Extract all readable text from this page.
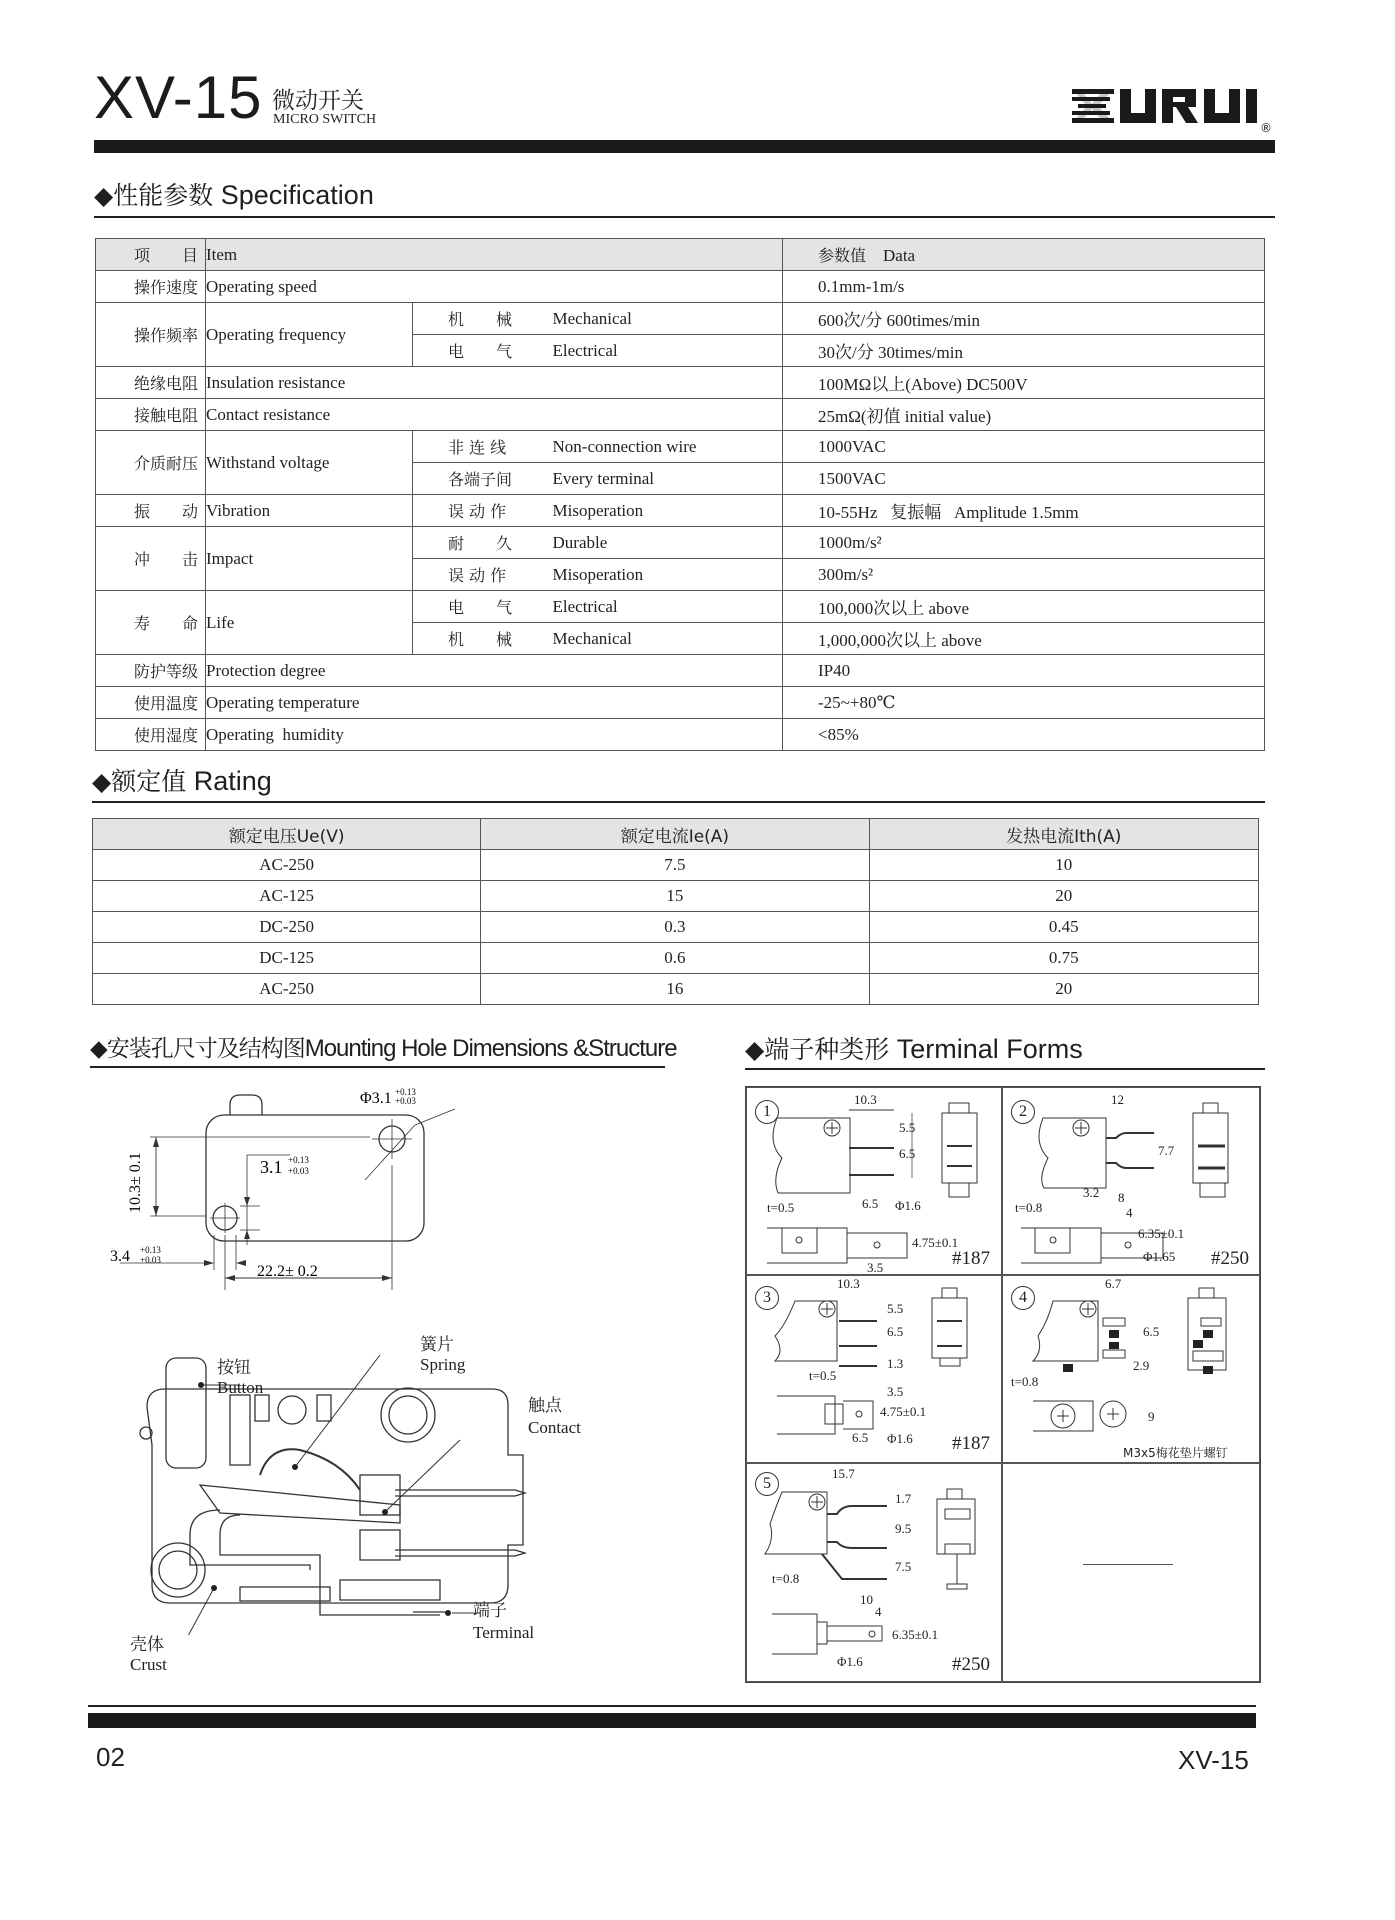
XV-15 微动开关
MICRO SWITCH
®
◆性能参数 Specification
项　　目	Item	参数值 Data
操作速度	Operating speed	0.1mm-1m/s
操作频率	Operating frequency	机　　械	Mechanical	600次/分 600times/min
电　　气	Electrical	30次/分 30times/min
绝缘电阻	Insulation resistance	100MΩ以上(Above) DC500V
接触电阻	Contact resistance	25mΩ(初值 initial value)
介质耐压	Withstand voltage	非 连 线	Non-connection wire	1000VAC
各端子间	Every terminal	1500VAC
振　　动	Vibration	误 动 作	Misoperation	10-55Hz   复振幅   Amplitude 1.5mm
冲　　击	Impact	耐　　久	Durable	1000m/s²
误 动 作	Misoperation	300m/s²
寿　　命	Life	电　　气	Electrical	100,000次以上 above
机　　械	Mechanical	1,000,000次以上 above
防护等级	Protection degree	IP40
使用温度	Operating temperature	-25~+80℃
使用湿度	Operating  humidity	<85%
◆额定值 Rating
额定电压Ue(V)	额定电流Ie(A)	发热电流Ith(A)
AC-250	7.5	10
AC-125	15	20
DC-250	0.3	0.45
DC-125	0.6	0.75
AC-250	16	20
◆安装孔尺寸及结构图Mounting Hole Dimensions &Structure
10.3± 0.1
3.4 +0.13
+0.03
22.2± 0.2
3.1 +0.13
+0.03
Φ3.1 +0.13
+0.03
按钮
Button
簧片
Spring
触点
Contact
端子
Terminal
壳体
Crust
◆端子种类形 Terminal Forms
1
10.3
5.5
6.5
t=0.5	6.5 Φ1.6
4.75±0.1
3.5	#187
2
12
7.7
3.2
t=0.8
8
4
6.35±0.1
Φ1.65 #250
3
10.3
5.5
6.5
1.3
t=0.5
3.5
4.75±0.1
6.5 Φ1.6 #187
4
6.7
6.5
2.9
t=0.8
9
M3x5梅花垫片螺钉
5
15.7
1.7
9.5
7.5
t=0.8
10
4
6.35±0.1
Φ1.6	#250
02	XV-15
